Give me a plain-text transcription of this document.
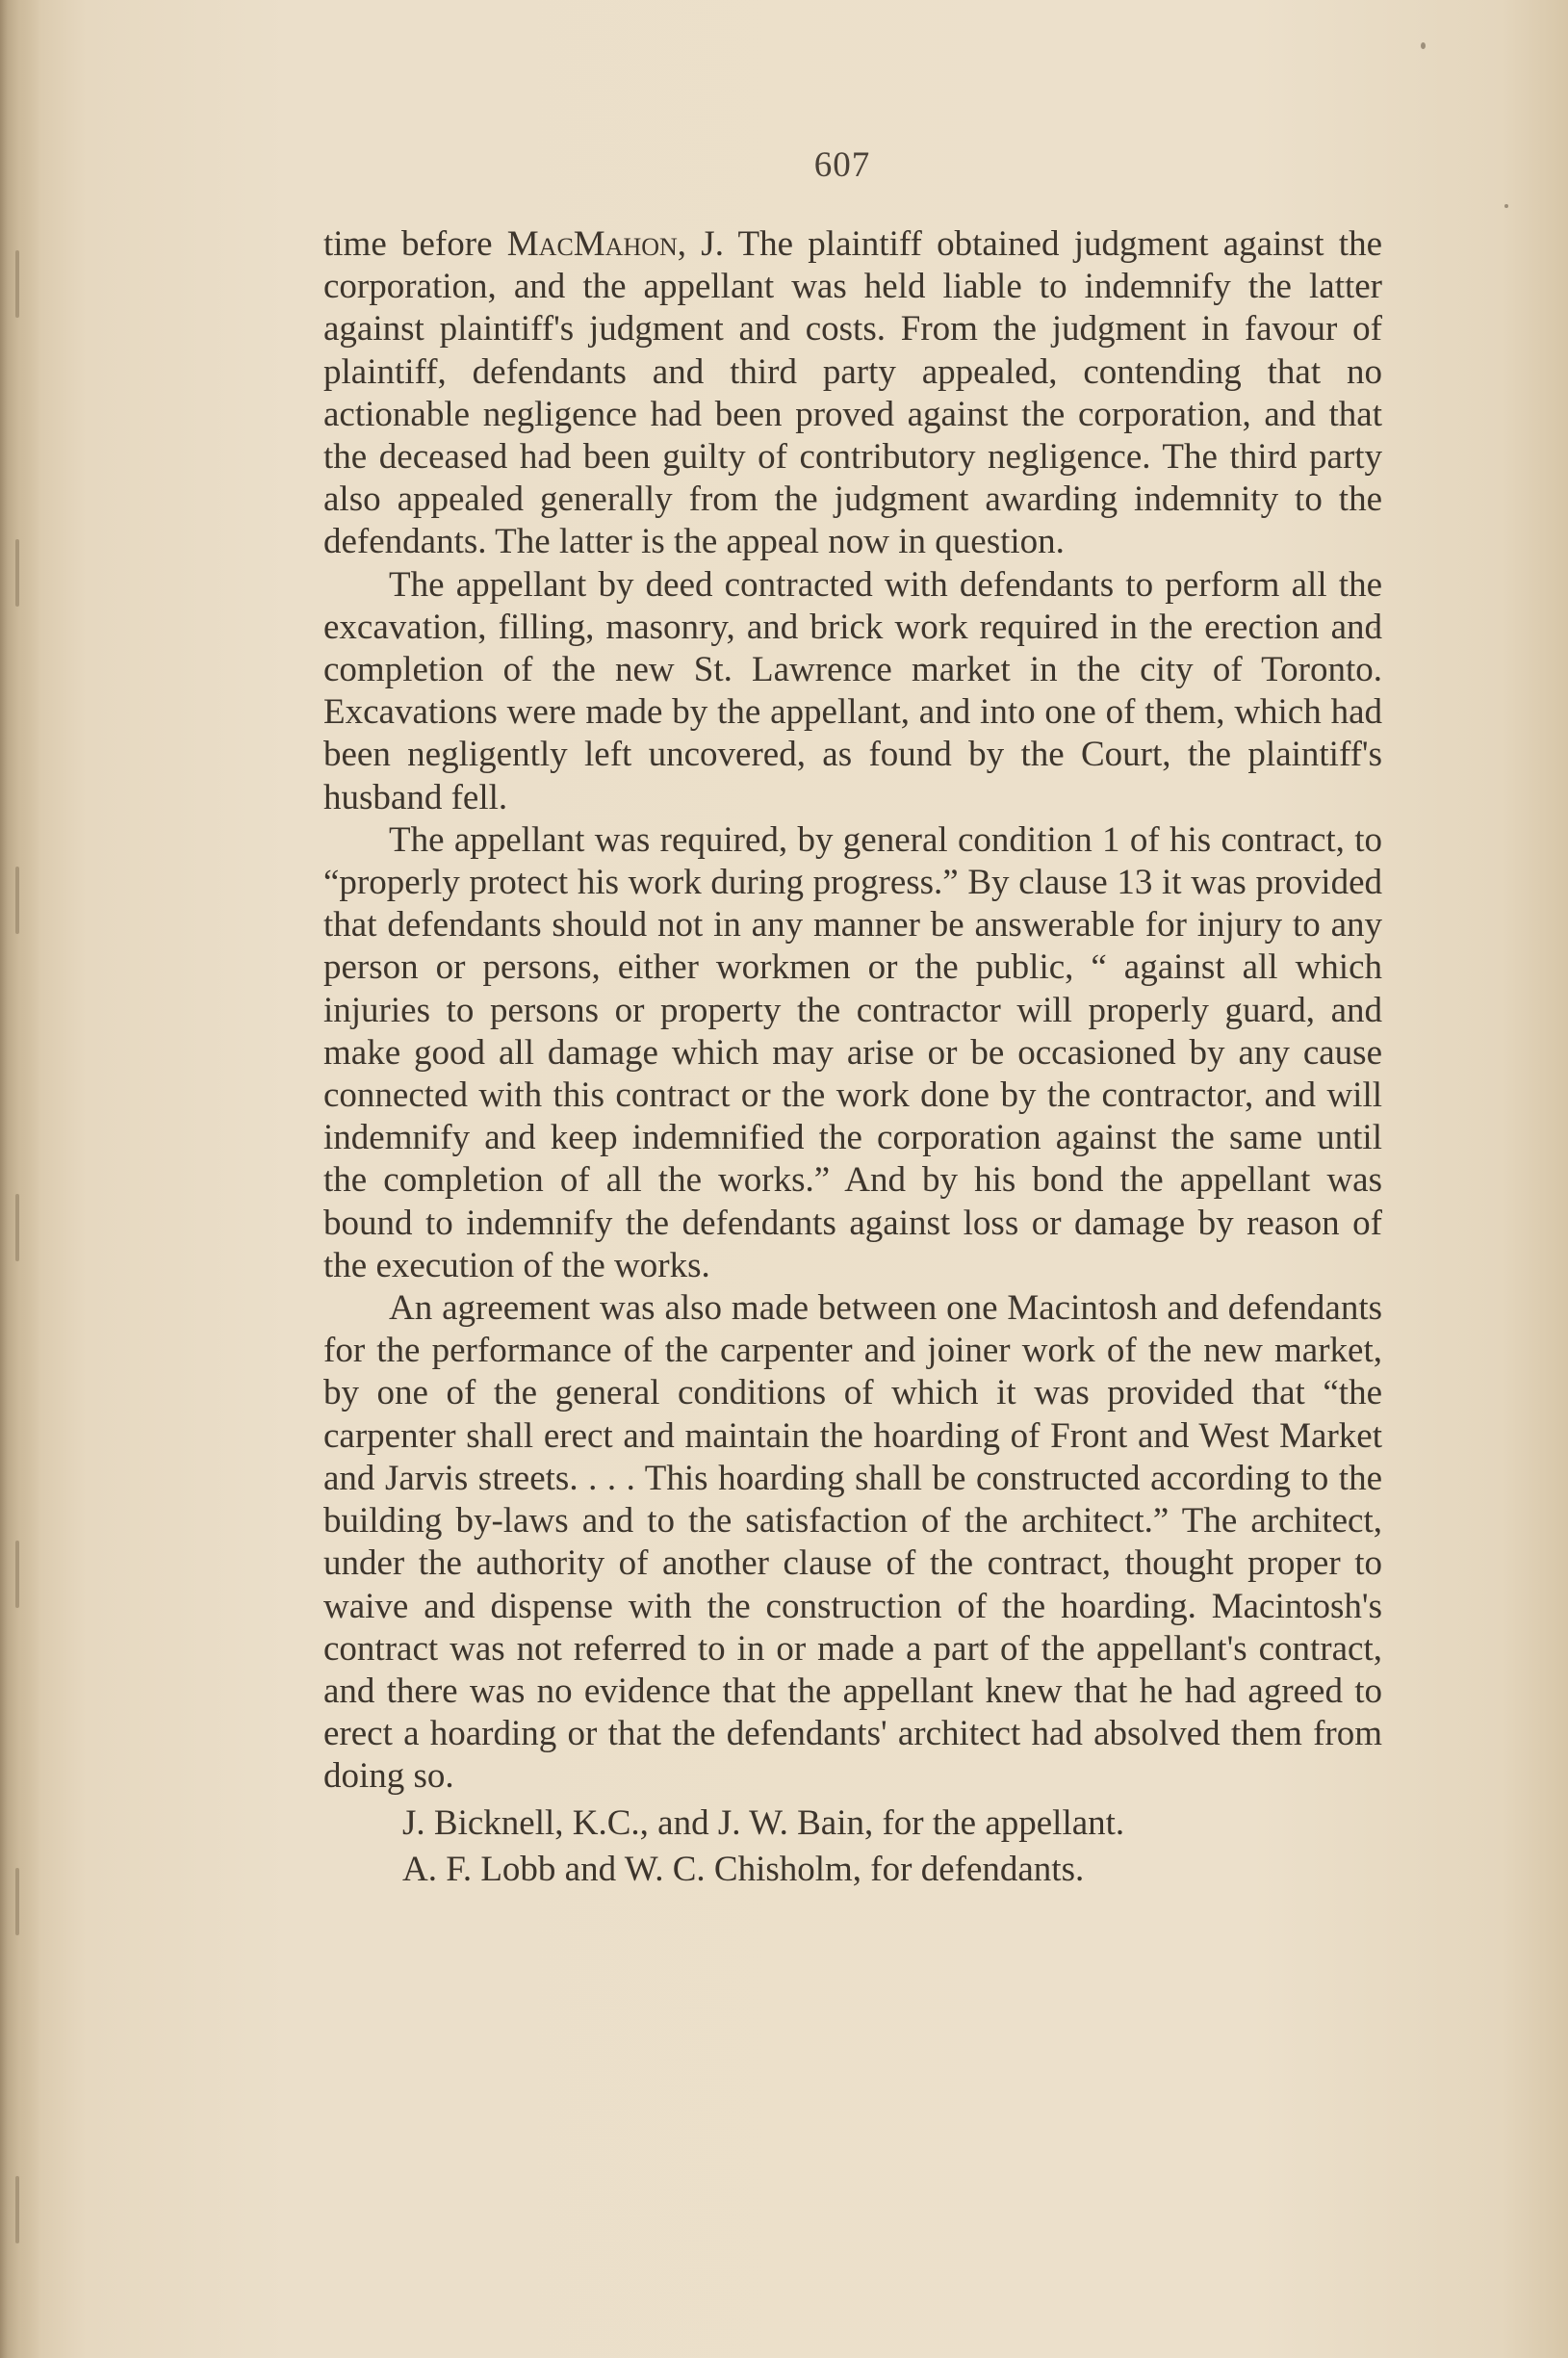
607

time before MacMahon, J. The plaintiff obtained judgment against the corporation, and the appellant was held liable to indemnify the latter against plaintiff's judgment and costs. From the judgment in favour of plaintiff, defendants and third party appealed, contending that no actionable negligence had been proved against the corporation, and that the deceased had been guilty of contributory negligence. The third party also appealed generally from the judgment awarding indemnity to the defendants. The latter is the appeal now in question.

The appellant by deed contracted with defendants to perform all the excavation, filling, masonry, and brick work required in the erection and completion of the new St. Lawrence market in the city of Toronto. Excavations were made by the appellant, and into one of them, which had been negligently left uncovered, as found by the Court, the plaintiff's husband fell.

The appellant was required, by general condition 1 of his contract, to “properly protect his work during progress.” By clause 13 it was provided that defendants should not in any manner be answerable for injury to any person or persons, either workmen or the public, “ against all which injuries to persons or property the contractor will properly guard, and make good all damage which may arise or be occasioned by any cause connected with this contract or the work done by the contractor, and will indemnify and keep indemnified the corporation against the same until the completion of all the works.” And by his bond the appellant was bound to indemnify the defendants against loss or damage by reason of the execution of the works.

An agreement was also made between one Macintosh and defendants for the performance of the carpenter and joiner work of the new market, by one of the general conditions of which it was provided that “the carpenter shall erect and maintain the hoarding of Front and West Market and Jarvis streets. . . . This hoarding shall be constructed according to the building by-laws and to the satisfaction of the architect.” The architect, under the authority of another clause of the contract, thought proper to waive and dispense with the construction of the hoarding. Macintosh's contract was not referred to in or made a part of the appellant's contract, and there was no evidence that the appellant knew that he had agreed to erect a hoarding or that the defendants' architect had absolved them from doing so.

J. Bicknell, K.C., and J. W. Bain, for the appellant.

A. F. Lobb and W. C. Chisholm, for defendants.
